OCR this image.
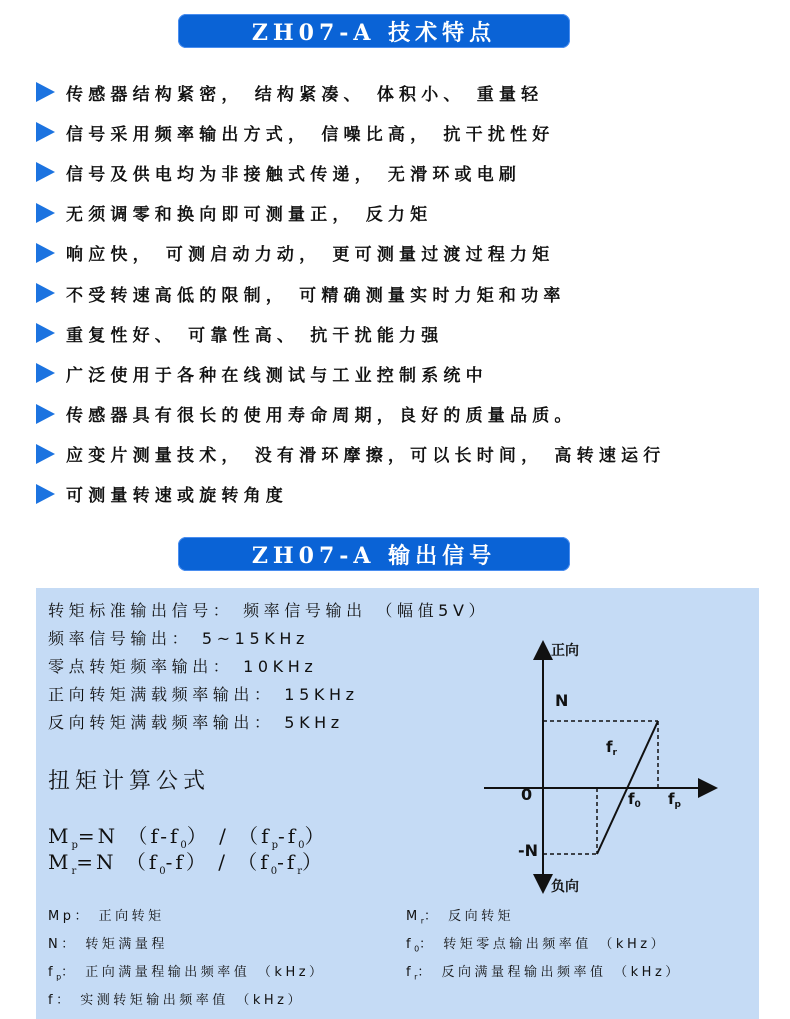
ZH07-A 技术特点
传感器结构紧密， 结构紧凑、 体积小、 重量轻
信号采用频率输出方式， 信噪比高， 抗干扰性好
信号及供电均为非接触式传递， 无滑环或电刷
无须调零和换向即可测量正， 反力矩
响应快， 可测启动力动， 更可测量过渡过程力矩
不受转速高低的限制， 可精确测量实时力矩和功率
重复性好、 可靠性高、 抗干扰能力强
广泛使用于各种在线测试与工业控制系统中
传感器具有很长的使用寿命周期，良好的质量品质。
应变片测量技术， 没有滑环摩擦，可以长时间， 高转速运行
可测量转速或旋转角度
ZH07-A 输出信号
转矩标准输出信号： 频率信号输出 （幅值5V）
频率信号输出： 5~15KHz
零点转矩频率输出： 10KHz
正向转矩满载频率输出： 15KHz
反向转矩满载频率输出： 5KHz
扭矩计算公式
$M_p=N$ $(f-f_0) / (f_p-f_0)$
$M_r=N$ $(f_0-f) / (f_0-f_r)$
Mp： 正向转矩	$M_r$： 反向转矩
N： 转矩满量程	$f_0$： 转矩零点输出频率值 （kHz）
$f_p$： 正向满量程输出频率值 （kHz）	$f_r$： 反向满量程输出频率值 （kHz）
f： 实测转矩输出频率值 （kHz）
正向
负向
N
-N
0
$f_r$
$f_0$ $f_p$
